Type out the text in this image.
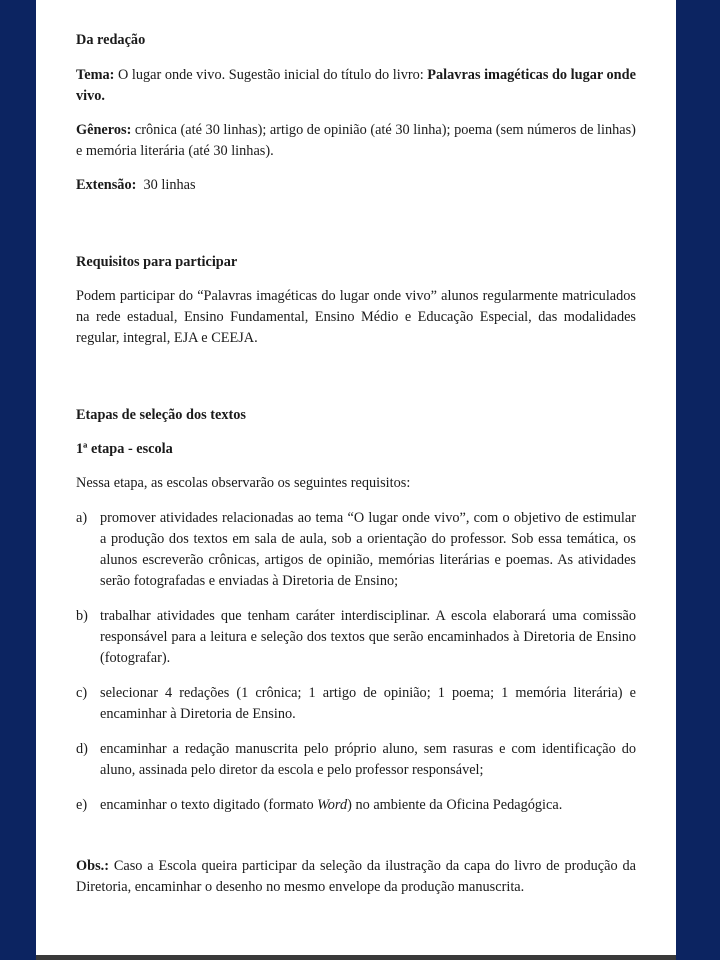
Da redação

Tema: O lugar onde vivo. Sugestão inicial do título do livro: Palavras imagéticas do lugar onde vivo.

Gêneros: crônica (até 30 linhas); artigo de opinião (até 30 linha); poema (sem números de linhas) e memória literária (até 30 linhas).

Extensão:  30 linhas

Requisitos para participar

Podem participar do “Palavras imagéticas do lugar onde vivo” alunos regularmente matriculados na rede estadual, Ensino Fundamental, Ensino Médio e Educação Especial, das modalidades regular, integral, EJA e CEEJA.

Etapas de seleção dos textos

1ª etapa - escola

Nessa etapa, as escolas observarão os seguintes requisitos:

a) promover atividades relacionadas ao tema “O lugar onde vivo”, com o objetivo de estimular a produção dos textos em sala de aula, sob a orientação do professor. Sob essa temática, os alunos escreverão crônicas, artigos de opinião, memórias literárias e poemas. As atividades serão fotografadas e enviadas à Diretoria de Ensino;
b) trabalhar atividades que tenham caráter interdisciplinar. A escola elaborará uma comissão responsável para a leitura e seleção dos textos que serão encaminhados à Diretoria de Ensino (fotografar).
c) selecionar 4 redações (1 crônica; 1 artigo de opinião; 1 poema; 1 memória literária) e encaminhar à Diretoria de Ensino.
d) encaminhar a redação manuscrita pelo próprio aluno, sem rasuras e com identificação do aluno, assinada pelo diretor da escola e pelo professor responsável;
e) encaminhar o texto digitado (formato Word) no ambiente da Oficina Pedagógica.

Obs.: Caso a Escola queira participar da seleção da ilustração da capa do livro de produção da Diretoria, encaminhar o desenho no mesmo envelope da produção manuscrita.
